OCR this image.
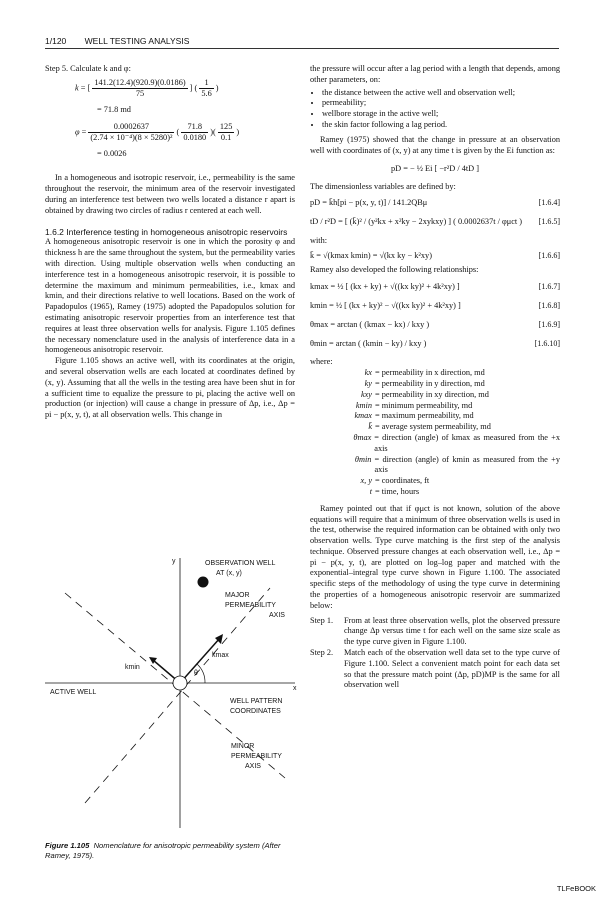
1/120 WELL TESTING ANALYSIS

Step 5. Calculate k and φ:

k = [ $\frac{141.2(12.4)(920.9)(0.0186)}{75}$ ] ( $\frac{1}{5.6}$ )

= 71.8 md

$\varphi = \frac{0.0002637}{\text{(2.74 × 10⁻⁴)(8 × 5280)²}}$ ( $\frac{71.8}{0.0180}$ )( $\frac{125}{0.1}$ )

= 0.0026

In a homogeneous and isotropic reservoir, i.e., permeability is the same throughout the reservoir, the minimum area of the reservoir investigated during an interference test between two wells located a distance r apart is obtained by drawing two circles of radius r centered at each well.

1.6.2 Interference testing in homogeneous anisotropic reservoirs

A homogeneous anisotropic reservoir is one in which the porosity φ and thickness h are the same throughout the system, but the permeability varies with direction. Using multiple observation wells when conducting an interference test in a homogeneous anisotropic reservoir, it is possible to determine the maximum and minimum permeabilities, i.e., kmax and kmin, and their directions relative to well locations. Based on the work of Papadopulos (1965), Ramey (1975) adopted the Papadopulos solution for estimating anisotropic reservoir properties from an interference test that requires at least three observation wells for analysis. Figure 1.105 defines the necessary nomenclature used in the analysis of interference data in a homogeneous anisotropic reservoir.

Figure 1.105 shows an active well, with its coordinates at the origin, and several observation wells are each located at coordinates defined by (x, y). Assuming that all the wells in the testing area have been shut in for a sufficient time to equalize the pressure to pi, placing the active well on production (or injection) will cause a change in pressure of Δp, i.e., Δp = pi − p(x, y, t), at all observation wells. This change in

y
x
OBSERVATION WELL
AT (x, y)
MAJOR
PERMEABILITY
AXIS
kmax
kmin
θ
ACTIVE WELL
WELL PATTERN
COORDINATES
MINOR
PERMEABILITY
AXIS
Figure 1.105 Nomenclature for anisotropic permeability system (After Ramey, 1975).

the pressure will occur after a lag period with a length that depends, among other parameters, on:

• the distance between the active well and observation well;
• permeability;
• wellbore storage in the active well;
• the skin factor following a lag period.

Ramey (1975) showed that the change in pressure at an observation well with coordinates of (x, y) at any time t is given by the Ei function as:

pD = − ½ Ei [ −r²D / 4tD ]

The dimensionless variables are defined by:

pD = k̄h[pi − p(x, y, t)] / 141.2QBμ	[1.6.4]
tD / r²D = [ (k̄)² / (y²kx + x²ky − 2xykxy) ] ( 0.0002637t / φμct ) [1.6.5]

with:

k̄ = √(kmax kmin) = √(kx ky − k²xy)	[1.6.6]

Ramey also developed the following relationships:

kmax = ½ [ (kx + ky) + √((kx ky)² + 4k²xy) ]	[1.6.7]
kmin = ½ [ (kx + ky)² − √((kx ky)² + 4k²xy) ]	[1.6.8]
θmax = arctan ( (kmax − kx) / kxy )	[1.6.9]
θmin = arctan ( (kmin − ky) / kxy )	[1.6.10]

where:

kx = permeability in x direction, md
ky = permeability in y direction, md
kxy = permeability in xy direction, md
kmin = minimum permeability, md
kmax = maximum permeability, md
k̄ = average system permeability, md
θmax = direction (angle) of kmax as measured from the +x axis
θmin = direction (angle) of kmin as measured from the +y axis
x, y = coordinates, ft
t = time, hours

Ramey pointed out that if φμct is not known, solution of the above equations will require that a minimum of three observation wells is used in the test, otherwise the required information can be obtained with only two observation wells. Type curve matching is the first step of the analysis technique. Observed pressure changes at each observation well, i.e., Δp = pi − p(x, y, t), are plotted on log–log paper and matched with the exponential–integral type curve shown in Figure 1.100. The associated specific steps of the methodology of using the type curve in determining the properties of a homogeneous anisotropic reservoir are summarized below:

Step 1.	From at least three observation wells, plot the observed pressure change Δp versus time t for each well on the same size scale as the type curve given in Figure 1.100.
Step 2.	Match each of the observation well data set to the type curve of Figure 1.100. Select a convenient match point for each data set so that the pressure match point (Δp, pD)MP is the same for all observation well
TLFeBOOK
